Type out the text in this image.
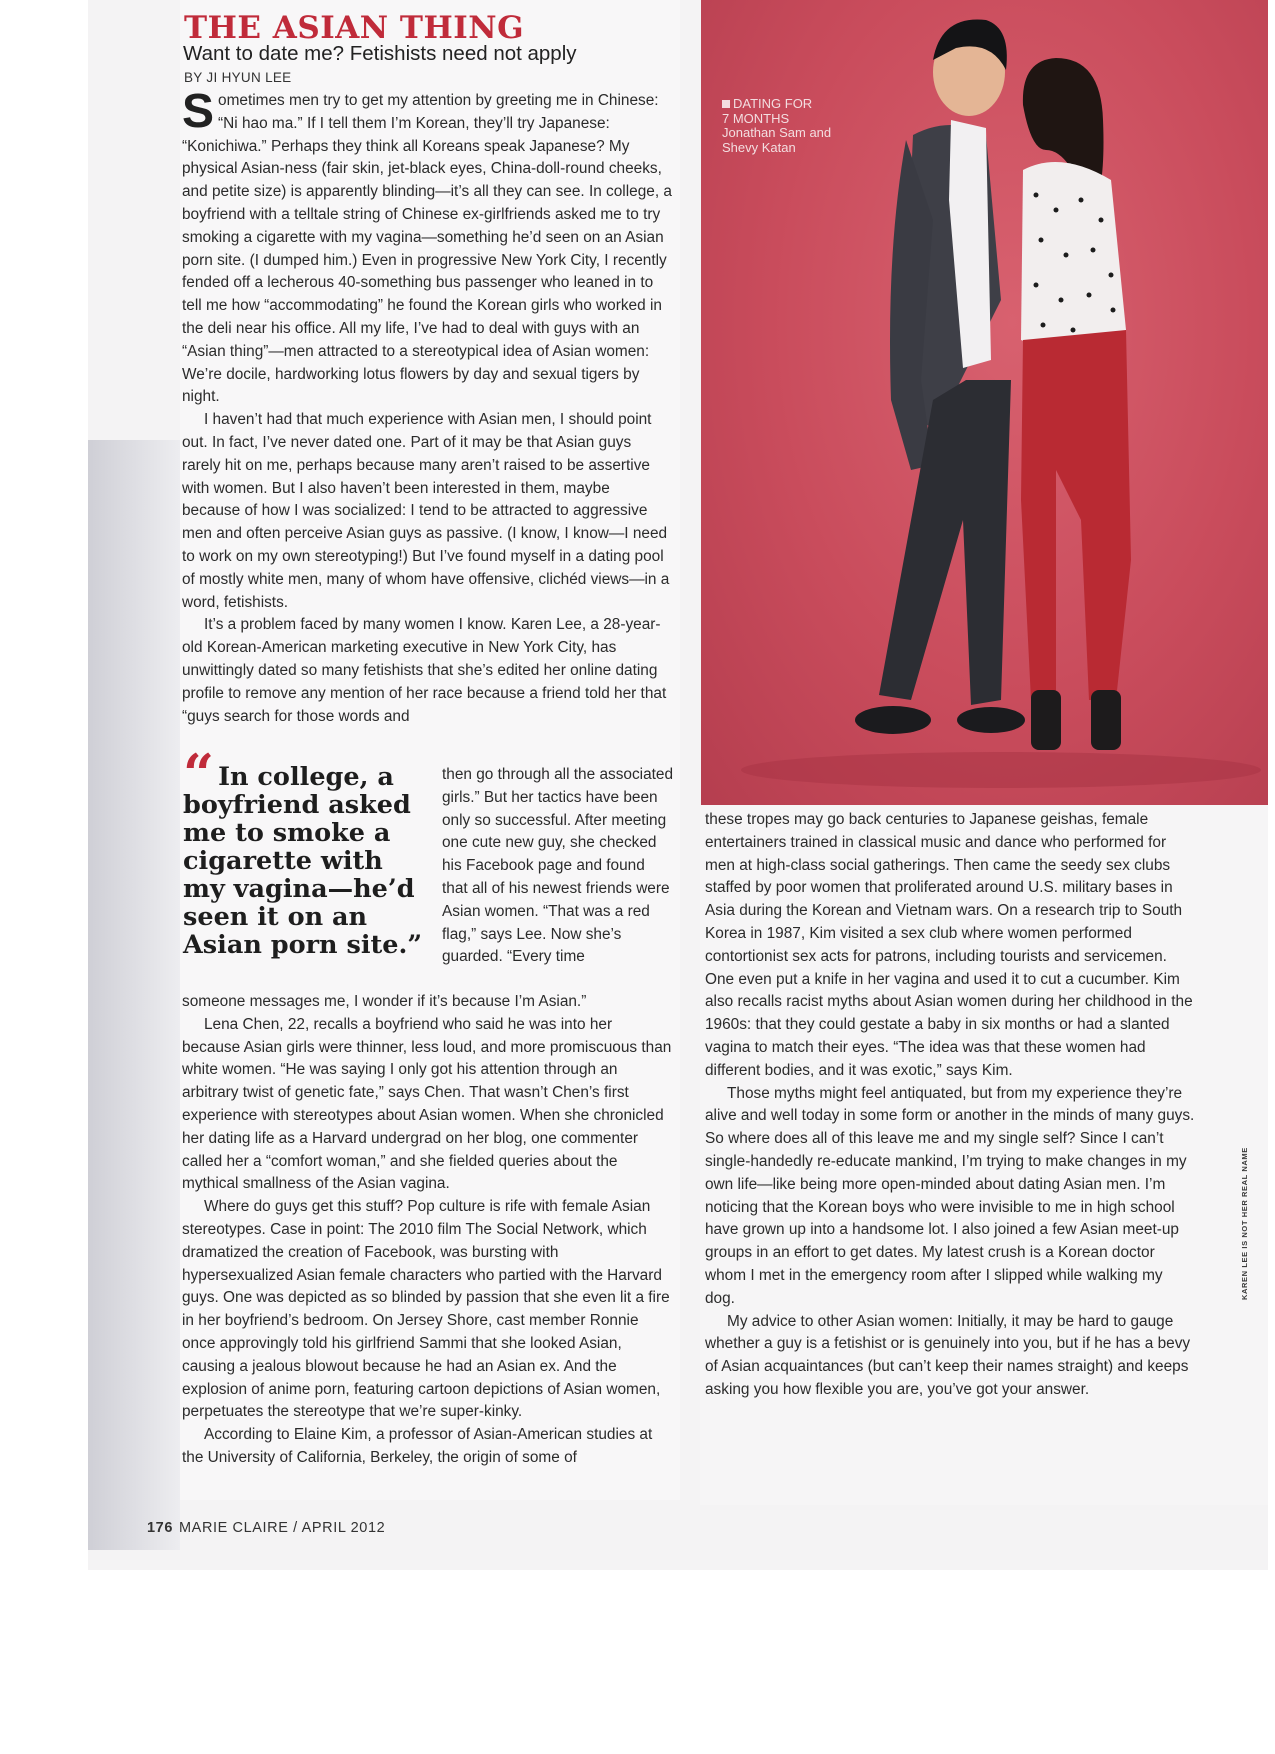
THE ASIAN THING
Want to date me? Fetishists need not apply

BY JI HYUN LEE

Sometimes men try to get my attention by greeting me in Chinese: “Ni hao ma.” If I tell them I’m Korean, they’ll try Japanese: “Konichiwa.” Perhaps they think all Koreans speak Japanese? My physical Asian-ness (fair skin, jet-black eyes, China-doll-round cheeks, and petite size) is apparently blinding—it’s all they can see. In college, a boyfriend with a telltale string of Chinese ex-girlfriends asked me to try smoking a cigarette with my vagina—something he’d seen on an Asian porn site. (I dumped him.) Even in progressive New York City, I recently fended off a lecherous 40-something bus passenger who leaned in to tell me how “accommodating” he found the Korean girls who worked in the deli near his office. All my life, I’ve had to deal with guys with an “Asian thing”—men attracted to a stereotypical idea of Asian women: We’re docile, hardworking lotus flowers by day and sexual tigers by night.

I haven’t had that much experience with Asian men, I should point out. In fact, I’ve never dated one. Part of it may be that Asian guys rarely hit on me, perhaps because many aren’t raised to be assertive with women. But I also haven’t been interested in them, maybe because of how I was socialized: I tend to be attracted to aggressive men and often perceive Asian guys as passive. (I know, I know—I need to work on my own stereotyping!) But I’ve found myself in a dating pool of mostly white men, many of whom have offensive, clichéd views—in a word, fetishists.

It’s a problem faced by many women I know. Karen Lee, a 28-year-old Korean-American marketing executive in New York City, has unwittingly dated so many fetishists that she’s edited her online dating profile to remove any mention of her race because a friend told her that “guys search for those words and

“ In college, a boyfriend asked me to smoke a cigarette with my vagina—he’d seen it on an Asian porn site.”

then go through all the associated girls.” But her tactics have been only so successful. After meeting one cute new guy, she checked his Facebook page and found that all of his newest friends were Asian women. “That was a red flag,” says Lee. Now she’s guarded. “Every time

someone messages me, I wonder if it’s because I’m Asian.”

Lena Chen, 22, recalls a boyfriend who said he was into her because Asian girls were thinner, less loud, and more promiscuous than white women. “He was saying I only got his attention through an arbitrary twist of genetic fate,” says Chen. That wasn’t Chen’s first experience with stereotypes about Asian women. When she chronicled her dating life as a Harvard undergrad on her blog, one commenter called her a “comfort woman,” and she fielded queries about the mythical smallness of the Asian vagina.

Where do guys get this stuff? Pop culture is rife with female Asian stereotypes. Case in point: The 2010 film The Social Network, which dramatized the creation of Facebook, was bursting with hypersexualized Asian female characters who partied with the Harvard guys. One was depicted as so blinded by passion that she even lit a fire in her boyfriend’s bedroom. On Jersey Shore, cast member Ronnie once approvingly told his girlfriend Sammi that she looked Asian, causing a jealous blowout because he had an Asian ex. And the explosion of anime porn, featuring cartoon depictions of Asian women, perpetuates the stereotype that we’re super-kinky.

According to Elaine Kim, a professor of Asian-American studies at the University of California, Berkeley, the origin of some of

DATING FOR
7 MONTHS
Jonathan Sam and
Shevy Katan

these tropes may go back centuries to Japanese geishas, female entertainers trained in classical music and dance who performed for men at high-class social gatherings. Then came the seedy sex clubs staffed by poor women that proliferated around U.S. military bases in Asia during the Korean and Vietnam wars. On a research trip to South Korea in 1987, Kim visited a sex club where women performed contortionist sex acts for patrons, including tourists and servicemen. One even put a knife in her vagina and used it to cut a cucumber. Kim also recalls racist myths about Asian women during her childhood in the 1960s: that they could gestate a baby in six months or had a slanted vagina to match their eyes. “The idea was that these women had different bodies, and it was exotic,” says Kim.

Those myths might feel antiquated, but from my experience they’re alive and well today in some form or another in the minds of many guys. So where does all of this leave me and my single self? Since I can’t single-handedly re-educate mankind, I’m trying to make changes in my own life—like being more open-minded about dating Asian men. I’m noticing that the Korean boys who were invisible to me in high school have grown up into a handsome lot. I also joined a few Asian meet-up groups in an effort to get dates. My latest crush is a Korean doctor whom I met in the emergency room after I slipped while walking my dog.

My advice to other Asian women: Initially, it may be hard to gauge whether a guy is a fetishist or is genuinely into you, but if he has a bevy of Asian acquaintances (but can’t keep their names straight) and keeps asking you how flexible you are, you’ve got your answer.

176 MARIE CLAIRE / APRIL 2012

KAREN LEE IS NOT HER REAL NAME
